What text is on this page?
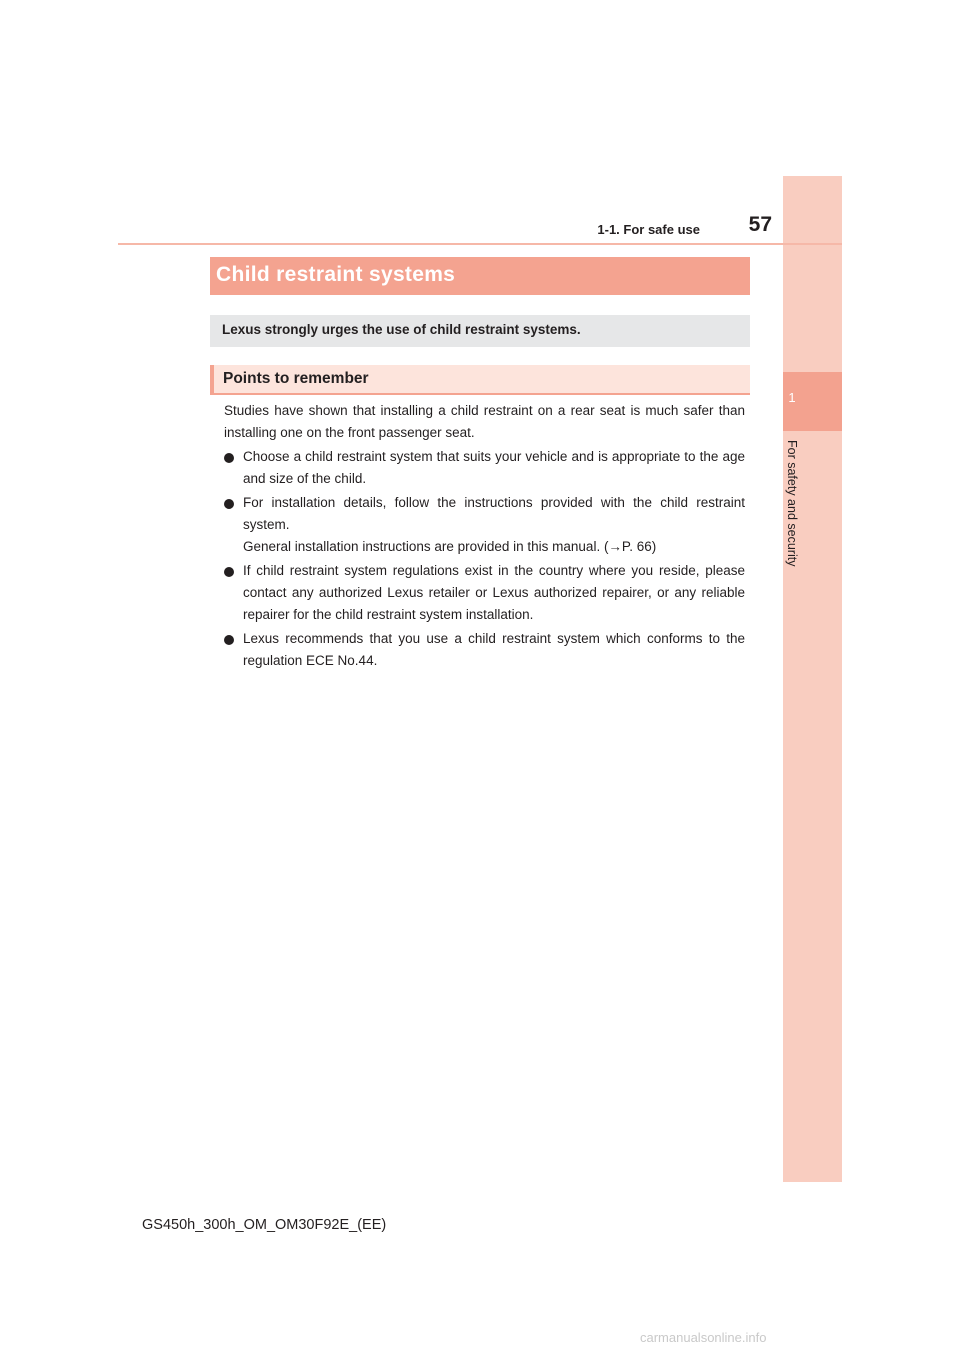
1
For safety and security
1-1. For safe use	57
Child restraint systems

Lexus strongly urges the use of child restraint systems.

Points to remember

Studies have shown that installing a child restraint on a rear seat is much safer than installing one on the front passenger seat.

Choose a child restraint system that suits your vehicle and is appropriate to the age and size of the child.
For installation details, follow the instructions provided with the child restraint system.
General installation instructions are provided in this manual. (→P. 66)
If child restraint system regulations exist in the country where you reside, please contact any authorized Lexus retailer or Lexus authorized repairer, or any reliable repairer for the child restraint system installation.
Lexus recommends that you use a child restraint system which conforms to the regulation ECE No.44.
GS450h_300h_OM_OM30F92E_(EE)
carmanualsonline.info
